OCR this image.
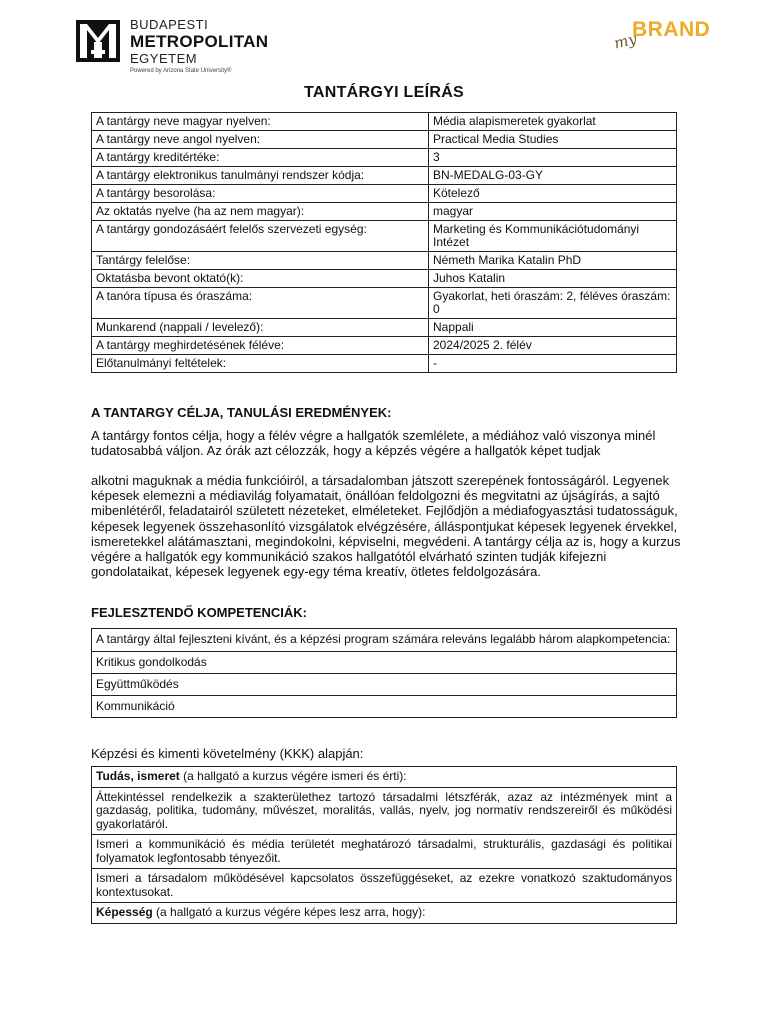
BUDAPESTI
METROPOLITAN
EGYETEM
Powered by Arizona State University®
my
BRAND
TANTÁRGYI LEÍRÁS
A tantárgy neve magyar nyelven:	Média alapismeretek gyakorlat
A tantárgy neve angol nyelven:	Practical Media Studies
A tantárgy kreditértéke:	3
A tantárgy elektronikus tanulmányi rendszer kódja:	BN-MEDALG-03-GY
A tantárgy besorolása:	Kötelező
Az oktatás nyelve (ha az nem magyar):	magyar
A tantárgy gondozásáért felelős szervezeti egység:	Marketing és Kommunikációtudományi Intézet
Tantárgy felelőse:	Németh Marika Katalin PhD
Oktatásba bevont oktató(k):	Juhos Katalin
A tanóra típusa és óraszáma:	Gyakorlat, heti óraszám: 2, féléves óraszám: 0
Munkarend (nappali / levelező):	Nappali
A tantárgy meghirdetésének féléve:	2024/2025 2. félév
Előtanulmányi feltételek:	-
A TANTARGY CÉLJA, TANULÁSI EREDMÉNYEK:

A tantárgy fontos célja, hogy a félév végre a hallgatók szemlélete, a médiához való viszonya minél tudatosabbá váljon. Az órák azt célozzák, hogy a képzés végére a hallgatók képet tudjak

alkotni maguknak a média funkcióiról, a társadalomban játszott szerepének fontosságáról. Legyenek képesek elemezni a médiavilág folyamatait, önállóan feldolgozni és megvitatni az újságírás, a sajtó mibenlétéről, feladatairól született nézeteket, elméleteket. Fejlődjön a médiafogyasztási tudatosságuk, képesek legyenek összehasonlító vizsgálatok elvégzésére, álláspontjukat képesek legyenek érvekkel, ismeretekkel alátámasztani, megindokolni, képviselni, megvédeni. A tantárgy célja az is, hogy a kurzus végére a hallgatók egy kommunikáció szakos hallgatótól elvárható szinten tudják kifejezni gondolataikat, képesek legyenek egy-egy téma kreatív, ötletes feldolgozására.

FEJLESZTENDŐ KOMPETENCIÁK:
A tantárgy által fejleszteni kívánt, és a képzési program számára releváns legalább három alapkompetencia:
Kritikus gondolkodás
Együttműködés
Kommunikáció
Képzési és kimenti követelmény (KKK) alapján:
Tudás, ismeret (a hallgató a kurzus végére ismeri és érti):
Áttekintéssel rendelkezik a szakterülethez tartozó társadalmi létszférák, azaz az intézmények mint a gazdaság, politika, tudomány, művészet, moralitás, vallás, nyelv, jog normatív rendszereiről és működési gyakorlatáról.
Ismeri a kommunikáció és média területét meghatározó társadalmi, strukturális, gazdasági és politikai folyamatok legfontosabb tényezőit.
Ismeri a társadalom működésével kapcsolatos összefüggéseket, az ezekre vonatkozó szaktudományos kontextusokat.
Képesség (a hallgató a kurzus végére képes lesz arra, hogy):
